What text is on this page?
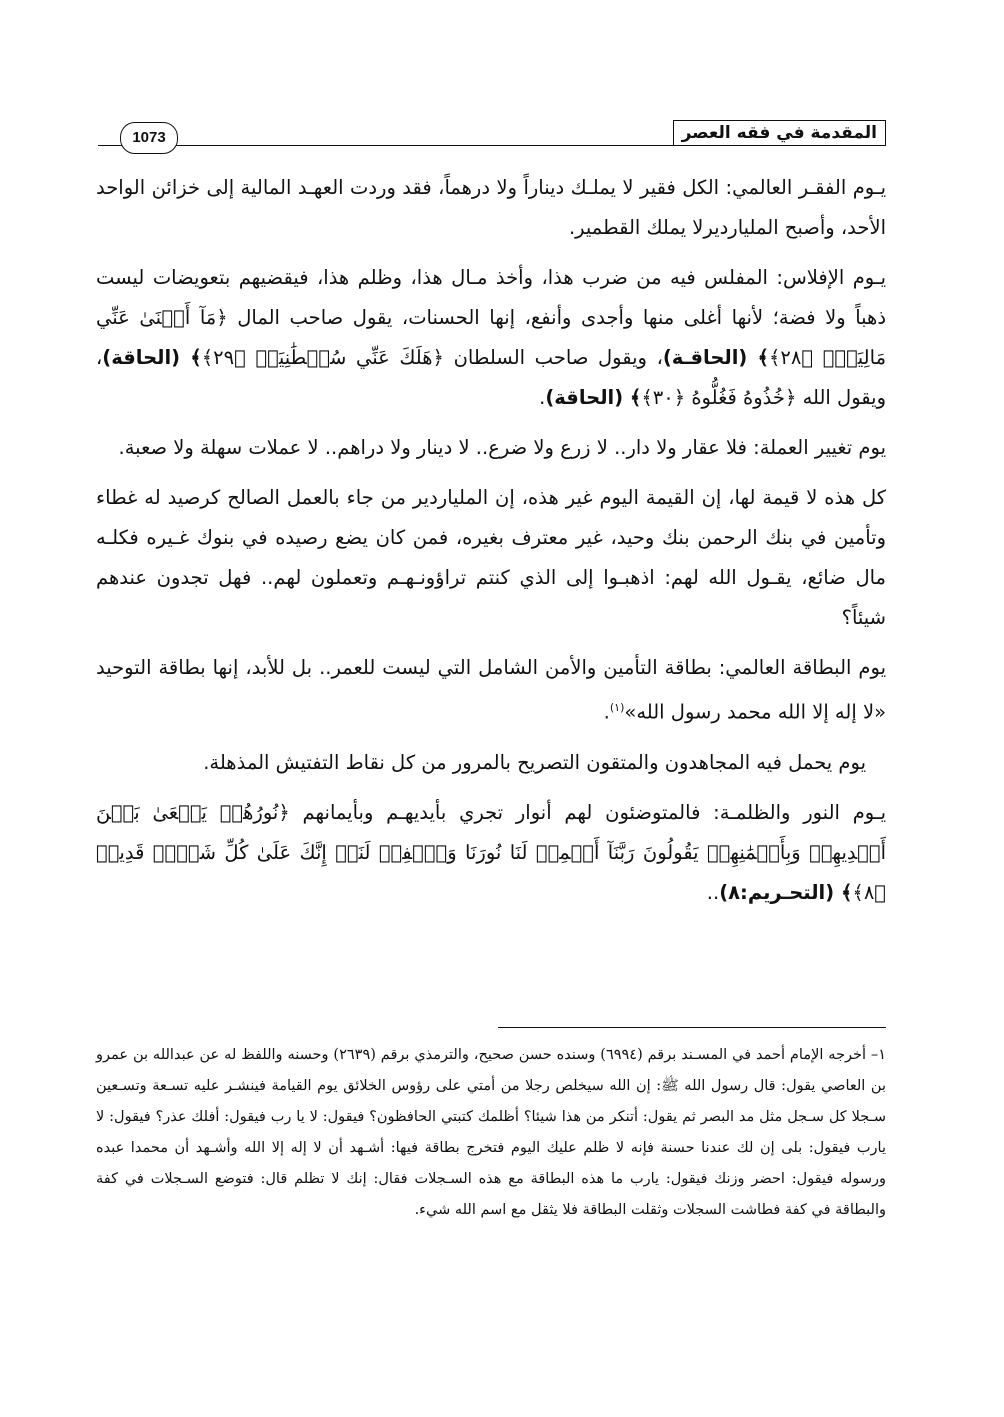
المقدمة في فقه العصر
1073

يـوم الفقـر العالمي: الكل فقير لا يملـك ديناراً ولا درهماً، فقد وردت العهـد المالية إلى خزائن الواحد الأحد، وأصبح المليارديرلا يملك القطمير.

يـوم الإفلاس: المفلس فيه من ضرب هذا، وأخذ مـال هذا، وظلم هذا، فيقضيهم بتعويضات ليست ذهباً ولا فضة؛ لأنها أغلى منها وأجدى وأنفع، إنها الحسنات، يقول صاحب المال ﴿مَآ أَغۡنَىٰ عَنِّي مَالِيَهۡۜ ﴿٢٨﴾﴾ (الحاقـة)، ويقول صاحب السلطان ﴿هَلَكَ عَنِّي سُلۡطَٰنِيَهۡ ﴿٢٩﴾﴾ (الحاقة)، ويقول الله ﴿خُذُوهُ فَغُلُّوهُ ﴿٣٠﴾﴾ (الحاقة).

يوم تغيير العملة: فلا عقار ولا دار.. لا زرع ولا ضرع.. لا دينار ولا دراهم.. لا عملات سهلة ولا صعبة.

كل هذه لا قيمة لها، إن القيمة اليوم غير هذه، إن الملياردير من جاء بالعمل الصالح كرصيد له غطاء وتأمين في بنك الرحمن بنك وحيد، غير معترف بغيره، فمن كان يضع رصيده في بنوك غـيره فكلـه مال ضائع، يقـول الله لهم: اذهبـوا إلى الذي كنتم تراؤونـهـم وتعملون لهم.. فهل تجدون عندهم شيئاً؟

يوم البطاقة العالمي: بطاقة التأمين والأمن الشامل التي ليست للعمر.. بل للأبد، إنها بطاقة التوحيد «لا إله إلا الله محمد رسول الله»$^{(١)}$.

يوم يحمل فيه المجاهدون والمتقون التصريح بالمرور من كل نقاط التفتيش المذهلة.

يـوم النور والظلمـة: فالمتوضئون لهم أنوار تجري بأيديهـم وبأيمانهم ﴿نُورُهُمۡ يَسۡعَىٰ بَيۡنَ أَيۡدِيهِمۡ وَبِأَيۡمَٰنِهِمۡ يَقُولُونَ رَبَّنَآ أَتۡمِمۡ لَنَا نُورَنَا وَٱغۡفِرۡ لَنَآۖ إِنَّكَ عَلَىٰ كُلِّ شَيۡءٖ قَدِيرٞ ﴿٨﴾﴾ (التحـريم:٨)..

١– أخرجه الإمام أحمد في المسـند برقم (٦٩٩٤) وسنده حسن صحيح، والترمذي برقم (٢٦٣٩) وحسنه واللفظ له عن عبدالله بن عمرو بن العاصي يقول: قال رسول الله ﷺ: إن الله سيخلص رجلا من أمتي على رؤوس الخلائق يوم القيامة فينشـر عليه تسـعة وتسـعين سـجلا كل سـجل مثل مد البصر ثم يقول: أتنكر من هذا شيئا؟ أظلمك كتبتي الحافظون؟ فيقول: لا يا رب فيقول: أفلك عذر؟ فيقول: لا يارب فيقول: بلى إن لك عندنا حسنة فإنه لا ظلم عليك اليوم فتخرج بطاقة فيها: أشـهد أن لا إله إلا الله وأشـهد أن محمدا عبده ورسوله فيقول: احضر وزنك فيقول: يارب ما هذه البطاقة مع هذه السـجلات فقال: إنك لا تظلم قال: فتوضع السـجلات في كفة والبطاقة في كفة فطاشت السجلات وثقلت البطاقة فلا يثقل مع اسم الله شيء.
